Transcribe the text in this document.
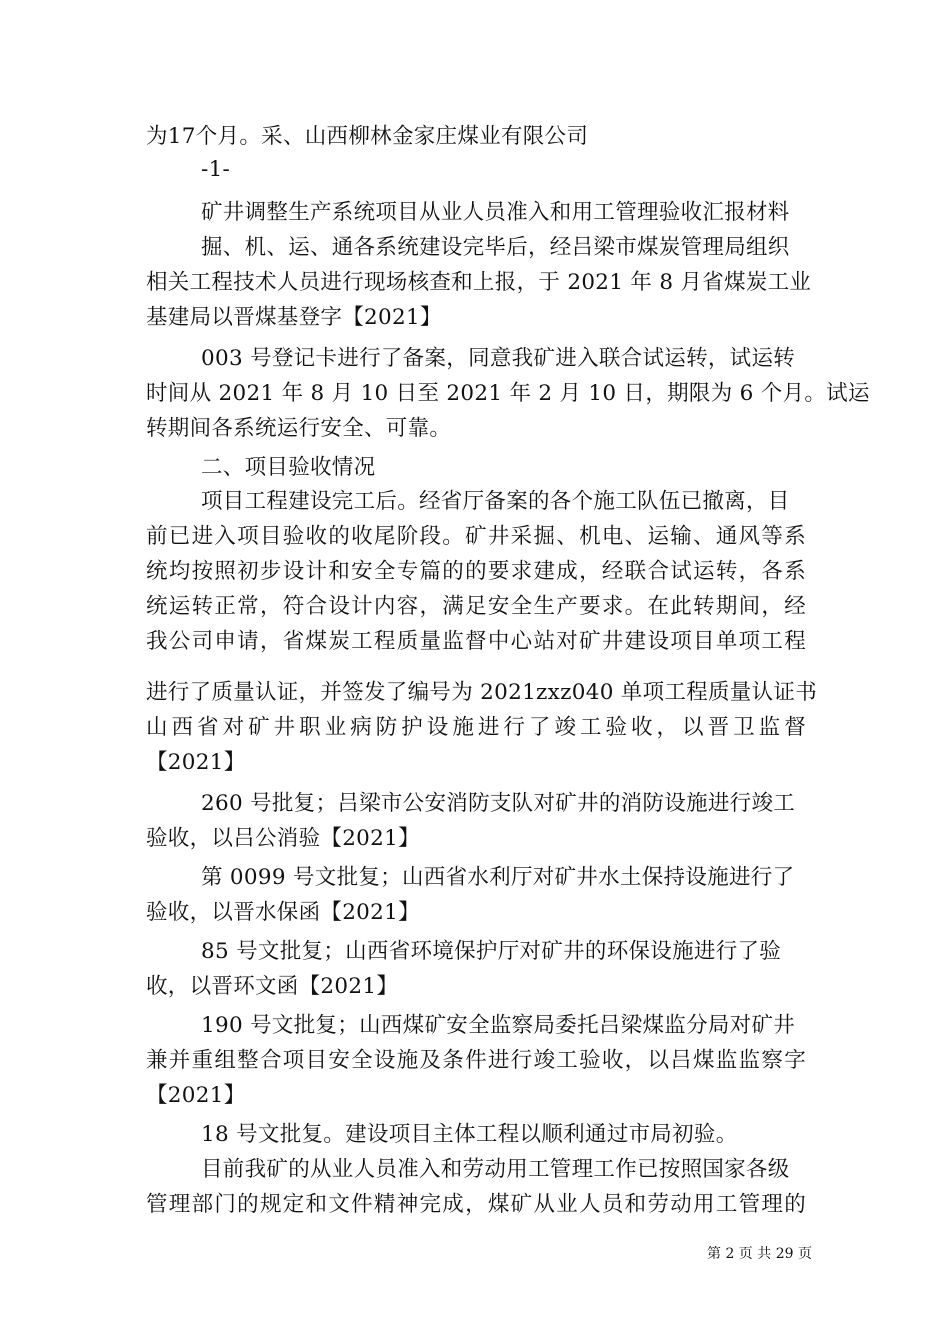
为17个月。采、山西柳林金家庄煤业有限公司
-1-
矿井调整生产系统项目从业人员准入和用工管理验收汇报材料
掘、机、运、通各系统建设完毕后，经吕梁市煤炭管理局组织
相关工程技术人员进行现场核查和上报，于 2021 年 8 月省煤炭工业
基建局以晋煤基登字【2021】
003 号登记卡进行了备案，同意我矿进入联合试运转，试运转
时间从 2021 年 8 月 10 日至 2021 年 2 月 10 日，期限为 6 个月。试运
转期间各系统运行安全、可靠。
二、项目验收情况
项目工程建设完工后。经省厅备案的各个施工队伍已撤离，目
前已进入项目验收的收尾阶段。矿井采掘、机电、运输、通风等系
统均按照初步设计和安全专篇的的要求建成，经联合试运转，各系
统运转正常，符合设计内容，满足安全生产要求。在此转期间，经
我公司申请，省煤炭工程质量监督中心站对矿井建设项目单项工程
进行了质量认证，并签发了编号为 2021zxz040 单项工程质量认证书
山西省对矿井职业病防护设施进行了竣工验收，以晋卫监督
【2021】
260 号批复；吕梁市公安消防支队对矿井的消防设施进行竣工
验收，以吕公消验【2021】
第 0099 号文批复；山西省水利厅对矿井水土保持设施进行了
验收，以晋水保函【2021】
85 号文批复；山西省环境保护厅对矿井的环保设施进行了验
收，以晋环文函【2021】
190 号文批复；山西煤矿安全监察局委托吕梁煤监分局对矿井
兼并重组整合项目安全设施及条件进行竣工验收，以吕煤监监察字
【2021】
18 号文批复。建设项目主体工程以顺利通过市局初验。
目前我矿的从业人员准入和劳动用工管理工作已按照国家各级
管理部门的规定和文件精神完成，煤矿从业人员和劳动用工管理的
第 2 页 共 29 页
